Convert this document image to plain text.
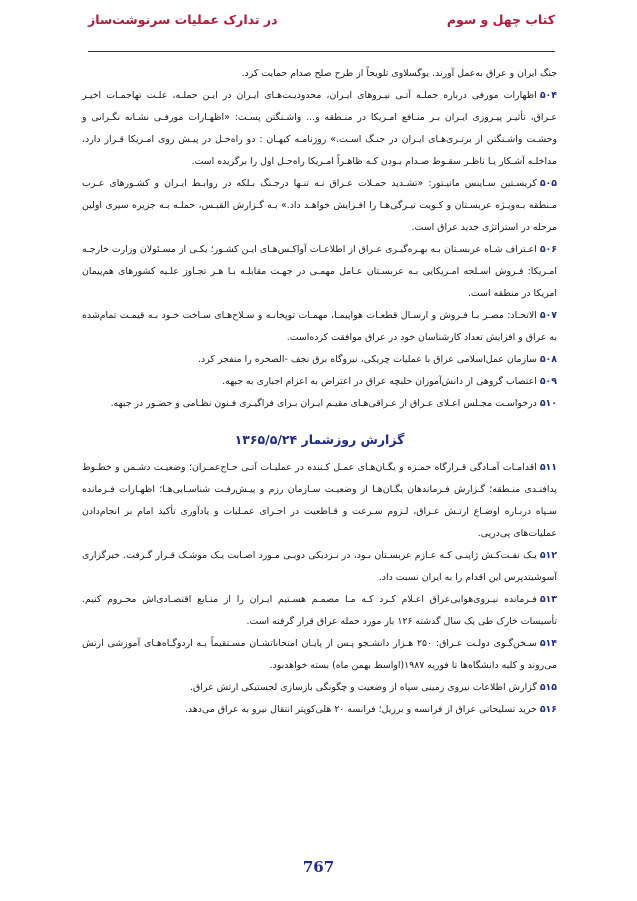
کتاب چهل و سوم
در تدارک عملیات سرنوشت‌ساز

جنگ ایران و عراق به‌عمل آورند. یوگسلاوی تلویحاً از طرح صلح صدام حمایت کرد.

۵۰۴اظهارات مورفی درباره حملـه آتـی نیـروهای ایـران، محدودیـت‌هـای ایـران در ایـن حملـه، علـت تهاجمـات اخیـر عـراق، تأثیـر پیـروزی ایـران بـر منـافع امـریکا در منـطقه و... واشـنگتن پسـت: «اظهـارات مورفـی نشـانه نگـرانی و وحشـت واشـنگتن از برتـری‌هـای ایـران در جنـگ اسـت.» روزنامـه کیهـان : دو راه‌حـل در پیـش روی امـریکا قـرار دارد، مداخلـه آشـکار یـا ناظـر سقـوط صـدام بـودن کـه ظاهـراً امـریکا راه‌حـل اول را برگزیده است.

۵۰۵کریسـتین سـاینس مانیـتور: «تشـدید حمـلات عـراق نـه تنـها درجـنگ بـلکه در روابـط ایـران و کشـورهای عـرب مـنطقه بـه‌ویـژه عربسـتان و کـویت تیـرگی‌هـا را افـزایش خواهـد داد.» بـه گـزارش القبـس، حملـه بـه جزیره سیری اولین مرحله در استراتژی جدید عراق است.

۵۰۶اعـتراف شـاه عربسـتان بـه بهـره‌گیـری عـراق از اطلاعـات آواکـس‌هـای ایـن کشـور؛ یکـی از مسـئولان وزارت خارجـه امـریکا: فـروش اسـلحه امـریکایی بـه عربسـتان عـامل مهمـی در جهـت مقابلـه بـا هـر تجـاوز علـیه کشورهای هم‌پیمان امریکا در منطقه است.

۵۰۷الاتحـاد: مصـر بـا فـروش و ارسـال قطعـات هواپیمـا، مهمـات توپخانـه و سـلاح‌هـای سـاخت خـود بـه قیمـت تمام‌شده به عراق و افزایش تعداد کارشناسان خود در عراق موافقت کرده‌است.

۵۰۸سازمان عمل‌اسلامی عراق با عملیات چریکی، نیروگاه برق نجف -الصخره را منفجر کرد.

۵۰۹اعتصاب گروهی از دانش‌آموزان حلبچه عراق در اعتراض به اعزام اجباری به جبهه.

۵۱۰درخواسـت مجـلس اعـلای عـراق از عـراقی‌هـای مقیـم ایـران بـرای فراگیـری فـنون نظـامی و حضـور در جبهه.

گزارش روزشمار ۱۳۶۵/۵/۲۴

۵۱۱اقدامـات آمـادگی قـرارگاه حمـزه و یگـان‌هـای عمـل کـننده در عملیـات آتـی حـاج‌عمـران؛ وضعیـت دشـمن و خطـوط پدافنـدی منـطقه؛ گـزارش فـرماندهان یگـان‌هـا از وضعیـت سـازمان رزم و پیـش‌رفـت شناسـایی‌هـا؛ اظهـارات فـرمانده سـپاه دربـاره اوضـاع ارتـش عـراق، لـزوم سـرعت و قـاطعیت در اجـرای عمـلیات و یادآوری تأکید امام بر انجام‌دادن عملیات‌های پی‌درپی.

۵۱۲یـک نفـت‌کـش ژاپنـی کـه عـازم عربسـتان بـود، در نـزدیکی دوبـی مـورد اصـابت یـک موشـک قـرار گـرفت. خبرگزاری آسوشیتدپرس این اقدام را به ایران نسبت داد.

۵۱۳فـرمانده نیـروی‌هوایی‌عراق اعـلام کـرد کـه مـا مصمـم هسـتیم ایـران را از منـابع اقتصـادی‌اش محـروم کنیم. تأسیسات خارک طی یک سال گذشته ۱۲۶ بار مورد حمله عراق قرار گرفته است.

۵۱۴سـخن‌گـوی دولـت عـراق: ۲۵۰ هـزار دانشـجو پـس از پایـان امتحاناتشـان مسـتقیماً بـه اردوگـاه‌هـای آموزشی ارتش می‌روند و کلیه دانشگاه‌ها تا فوریه ۱۹۸۷(اواسط بهمن ماه) بسته خواهد‌بود.

۵۱۵گزارش اطلاعات نیروی زمینی سپاه از وضعیت و چگونگی بازسازی لجستیکی ارتش عراق.

۵۱۶خرید تسلیحاتی عراق از فرانسه و برزیل؛ فرانسه ۲۰ هلی‌کوپتر انتقال نیرو به عراق می‌دهد.

767
